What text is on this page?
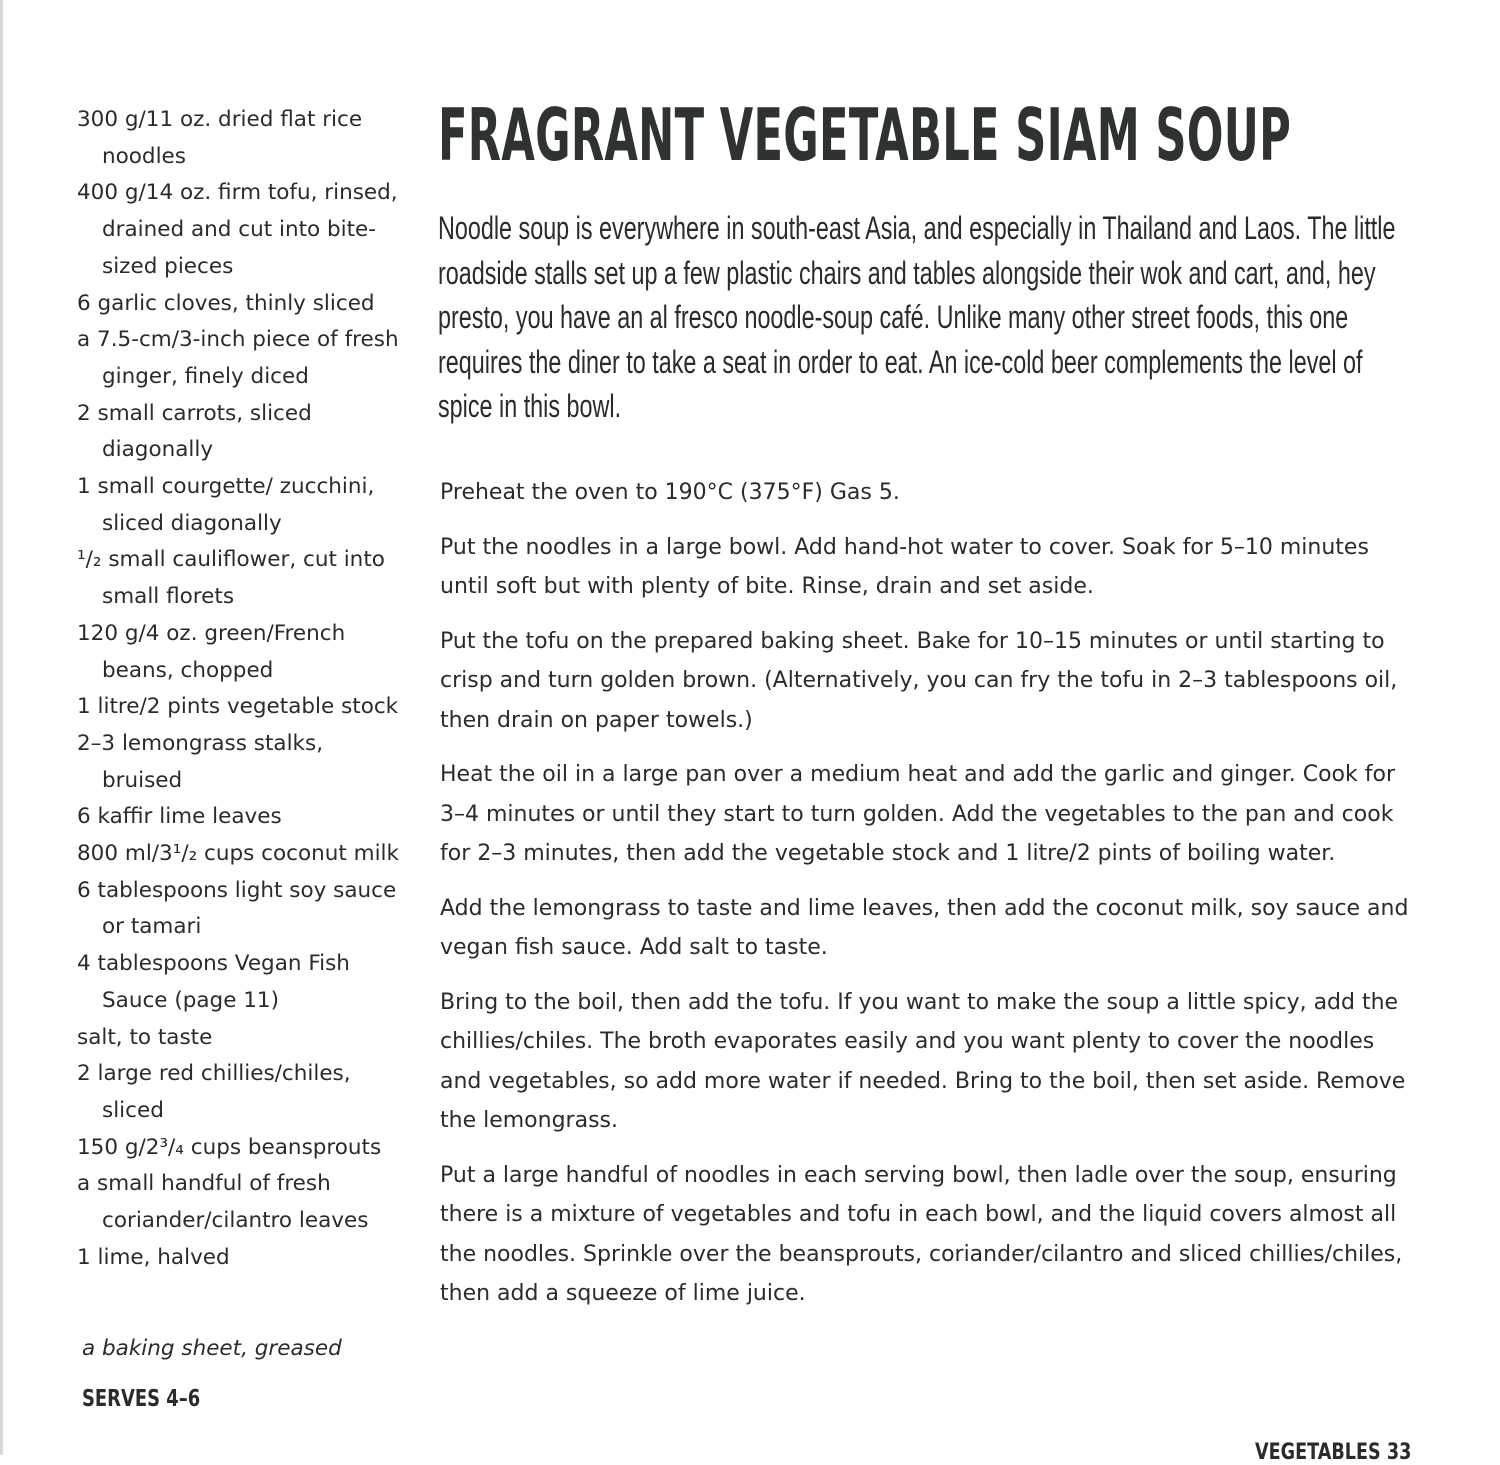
300 g/11 oz. dried flat rice noodles
400 g/14 oz. firm tofu, rinsed, drained and cut into bite-sized pieces
6 garlic cloves, thinly sliced
a 7.5-cm/3-inch piece of fresh ginger, finely diced
2 small carrots, sliced diagonally
1 small courgette/ zucchini, sliced diagonally
¹/₂ small cauliflower, cut into small florets
120 g/4 oz. green/French beans, chopped
1 litre/2 pints vegetable stock
2–3 lemongrass stalks, bruised
6 kaffir lime leaves
800 ml/3¹/₂ cups coconut milk
6 tablespoons light soy sauce or tamari
4 tablespoons Vegan Fish Sauce (page 11)
salt, to taste
2 large red chillies/chiles, sliced
150 g/2³/₄ cups beansprouts
a small handful of fresh coriander/cilantro leaves
1 lime, halved
a baking sheet, greased
SERVES 4–6
FRAGRANT VEGETABLE SIAM SOUP

Noodle soup is everywhere in south-east Asia, and especially in Thailand and Laos. The little roadside stalls set up a few plastic chairs and tables alongside their wok and cart, and, hey presto, you have an al fresco noodle-soup café. Unlike many other street foods, this one requires the diner to take a seat in order to eat. An ice-cold beer complements the level of spice in this bowl.

Preheat the oven to 190°C (375°F) Gas 5.

Put the noodles in a large bowl. Add hand-hot water to cover. Soak for 5–10 minutes until soft but with plenty of bite. Rinse, drain and set aside.

Put the tofu on the prepared baking sheet. Bake for 10–15 minutes or until starting to crisp and turn golden brown. (Alternatively, you can fry the tofu in 2–3 tablespoons oil, then drain on paper towels.)

Heat the oil in a large pan over a medium heat and add the garlic and ginger. Cook for 3–4 minutes or until they start to turn golden. Add the vegetables to the pan and cook for 2–3 minutes, then add the vegetable stock and 1 litre/2 pints of boiling water.

Add the lemongrass to taste and lime leaves, then add the coconut milk, soy sauce and vegan fish sauce. Add salt to taste.

Bring to the boil, then add the tofu. If you want to make the soup a little spicy, add the chillies/chiles. The broth evaporates easily and you want plenty to cover the noodles and vegetables, so add more water if needed. Bring to the boil, then set aside. Remove the lemongrass.

Put a large handful of noodles in each serving bowl, then ladle over the soup, ensuring there is a mixture of vegetables and tofu in each bowl, and the liquid covers almost all the noodles. Sprinkle over the beansprouts, coriander/cilantro and sliced chillies/chiles, then add a squeeze of lime juice.

VEGETABLES 33
